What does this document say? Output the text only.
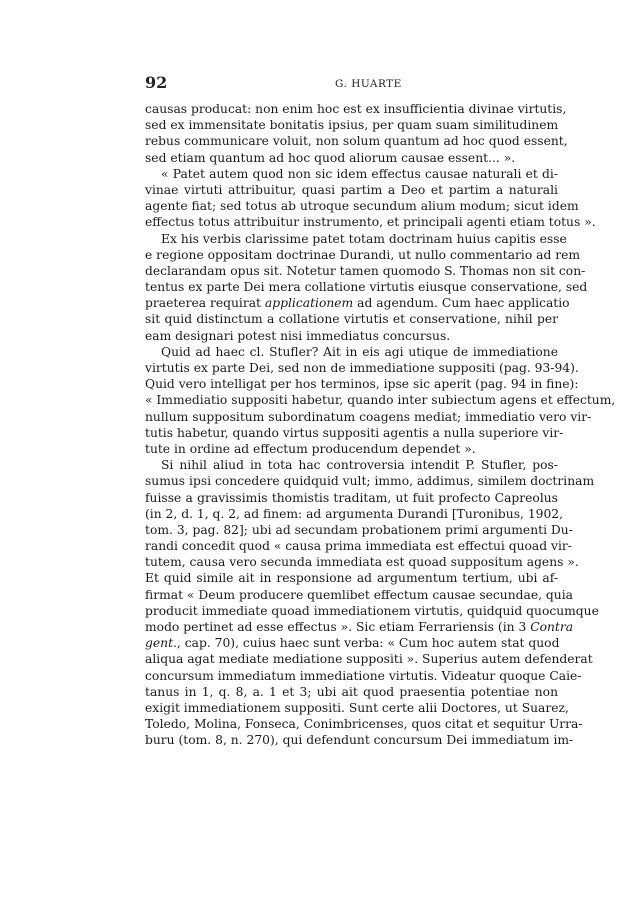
92	G. HUARTE
causas producat: non enim hoc est ex insufficientia divinae virtutis,
sed ex immensitate bonitatis ipsius, per quam suam similitudinem
rebus communicare voluit, non solum quantum ad hoc quod essent,
sed etiam quantum ad hoc quod aliorum causae essent... ».
« Patet autem quod non sic idem effectus causae naturali et di-
vinae virtuti attribuitur, quasi partim a Deo et partim a naturali
agente fiat; sed totus ab utroque secundum alium modum; sicut idem
effectus totus attribuitur instrumento, et principali agenti etiam totus ».
Ex his verbis clarissime patet totam doctrinam huius capitis esse
e regione oppositam doctrinae Durandi, ut nullo commentario ad rem
declarandam opus sit. Notetur tamen quomodo S. Thomas non sit con-
tentus ex parte Dei mera collatione virtutis eiusque conservatione, sed
praeterea requirat applicationem ad agendum. Cum haec applicatio
sit quid distinctum a collatione virtutis et conservatione, nihil per
eam designari potest nisi immediatus concursus.
Quid ad haec cl. Stufler? Ait in eis agi utique de immediatione
virtutis ex parte Dei, sed non de immediatione suppositi (pag. 93-94).
Quid vero intelligat per hos terminos, ipse sic aperit (pag. 94 in fine):
« Immediatio suppositi habetur, quando inter subiectum agens et effectum,
nullum suppositum subordinatum coagens mediat; immediatio vero vir-
tutis habetur, quando virtus suppositi agentis a nulla superiore vir-
tute in ordine ad effectum producendum dependet ».
Si nihil aliud in tota hac controversia intendit P. Stufler, pos-
sumus ipsi concedere quidquid vult; immo, addimus, similem doctrinam
fuisse a gravissimis thomistis traditam, ut fuit profecto Capreolus
(in 2, d. 1, q. 2, ad finem: ad argumenta Durandi [Turonibus, 1902,
tom. 3, pag. 82]; ubi ad secundam probationem primi argumenti Du-
randi concedit quod « causa prima immediata est effectui quoad vir-
tutem, causa vero secunda immediata est quoad suppositum agens ».
Et quid simile ait in responsione ad argumentum tertium, ubi af-
firmat « Deum producere quemlibet effectum causae secundae, quia
producit immediate quoad immediationem virtutis, quidquid quocumque
modo pertinet ad esse effectus ». Sic etiam Ferrariensis (in 3 Contra
gent., cap. 70), cuius haec sunt verba: « Cum hoc autem stat quod
aliqua agat mediate mediatione suppositi ». Superius autem defenderat
concursum immediatum immediatione virtutis. Videatur quoque Caie-
tanus in 1, q. 8, a. 1 et 3; ubi ait quod praesentia potentiae non
exigit immediationem suppositi. Sunt certe alii Doctores, ut Suarez,
Toledo, Molina, Fonseca, Conimbricenses, quos citat et sequitur Urra-
buru (tom. 8, n. 270), qui defendunt concursum Dei immediatum im-
